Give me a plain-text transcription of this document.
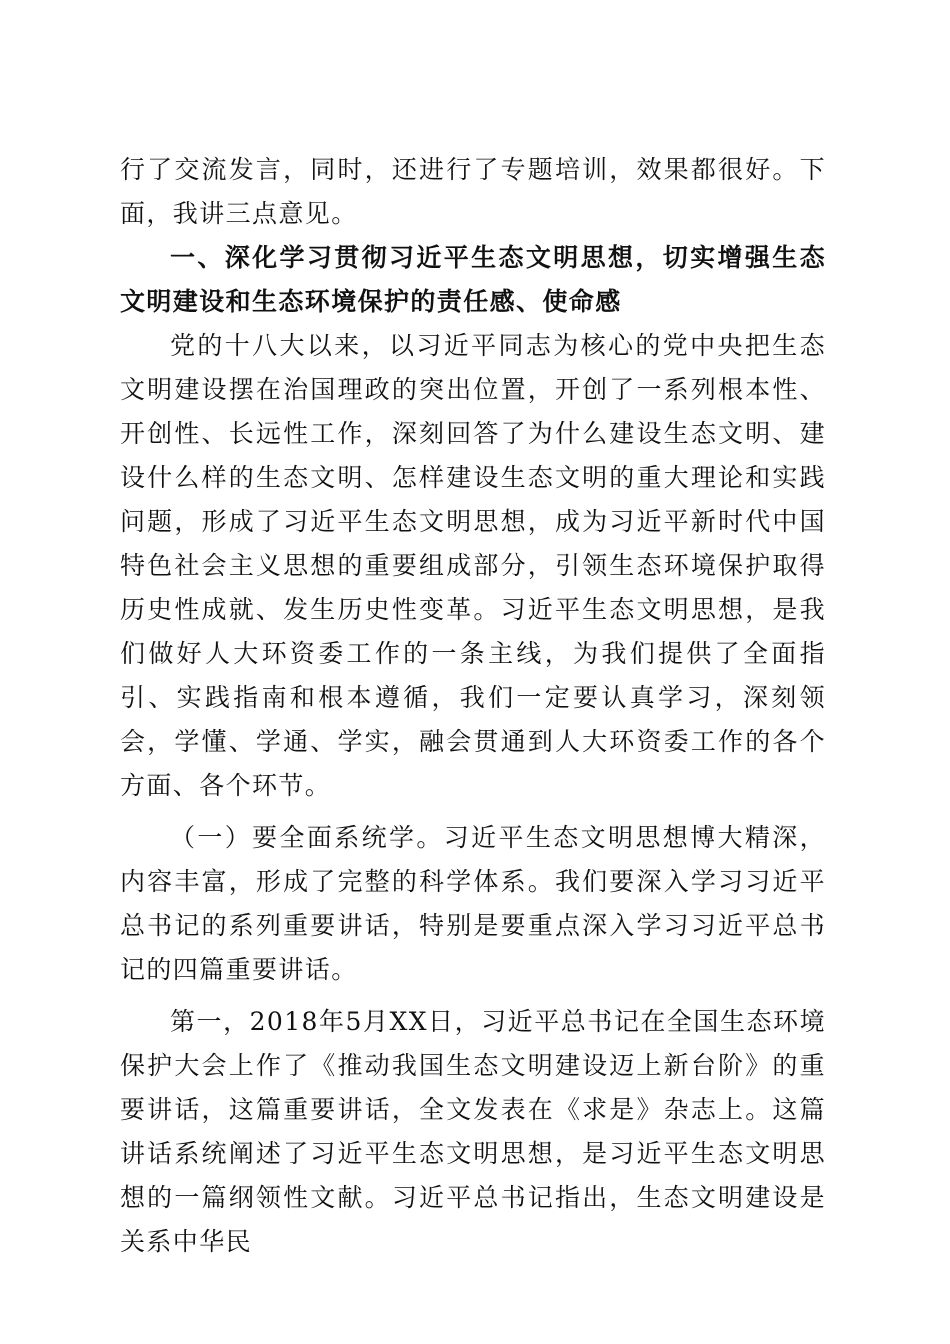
行了交流发言，同时，还进行了专题培训，效果都很好。下面，我讲三点意见。

一、深化学习贯彻习近平生态文明思想，切实增强生态文明建设和生态环境保护的责任感、使命感

党的十八大以来，以习近平同志为核心的党中央把生态文明建设摆在治国理政的突出位置，开创了一系列根本性、开创性、长远性工作，深刻回答了为什么建设生态文明、建设什么样的生态文明、怎样建设生态文明的重大理论和实践问题，形成了习近平生态文明思想，成为习近平新时代中国特色社会主义思想的重要组成部分，引领生态环境保护取得历史性成就、发生历史性变革。习近平生态文明思想，是我们做好人大环资委工作的一条主线，为我们提供了全面指引、实践指南和根本遵循，我们一定要认真学习，深刻领会，学懂、学通、学实，融会贯通到人大环资委工作的各个方面、各个环节。

（一）要全面系统学。习近平生态文明思想博大精深，内容丰富，形成了完整的科学体系。我们要深入学习习近平总书记的系列重要讲话，特别是要重点深入学习习近平总书记的四篇重要讲话。

第一，2018年5月XX日，习近平总书记在全国生态环境保护大会上作了《推动我国生态文明建设迈上新台阶》的重要讲话，这篇重要讲话，全文发表在《求是》杂志上。这篇讲话系统阐述了习近平生态文明思想，是习近平生态文明思想的一篇纲领性文献。习近平总书记指出，生态文明建设是关系中华民
